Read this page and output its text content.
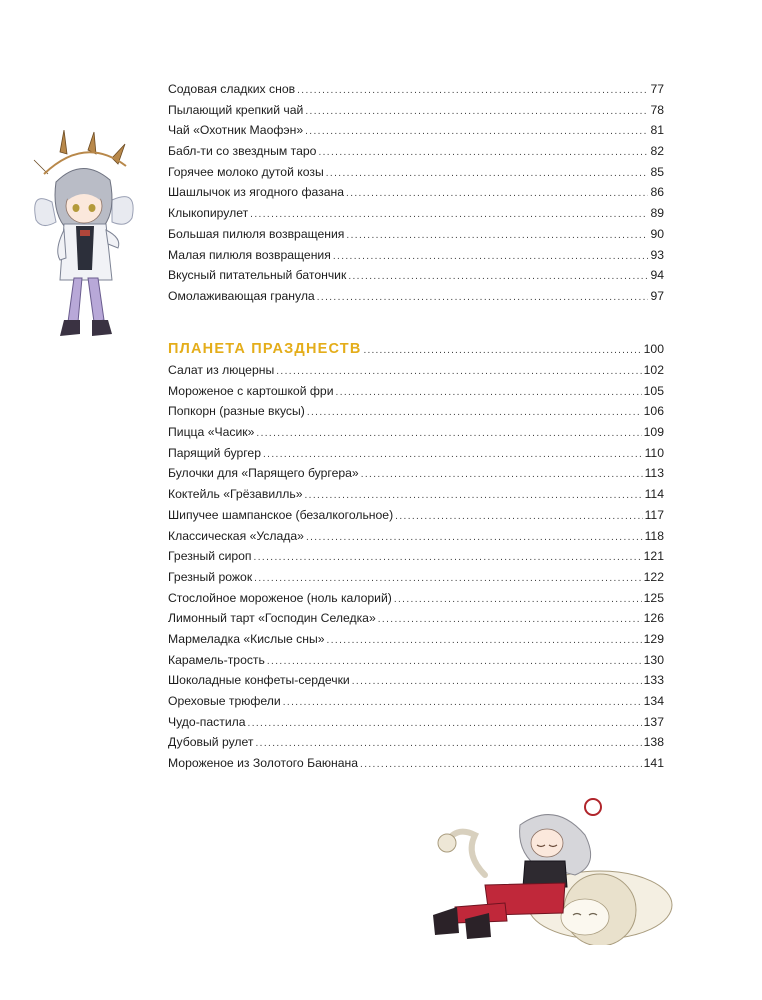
Содовая сладких снов .....	77
Пылающий крепкий чай .....	78
Чай «Охотник Маофэн» .....	81
Бабл-ти со звездным таро .....	82
Горячее молоко дутой козы .....	85
Шашлычок из ягодного фазана .....	86
Клыкопирулет .....	89
Большая пилюля возвращения .....	90
Малая пилюля возвращения .....	93
Вкусный питательный батончик .....	94
Омолаживающая гранула .....	97
ПЛАНЕТА ПРАЗДНЕСТВ .....	100
Салат из люцерны .....	102
Мороженое с картошкой фри .....	105
Попкорн (разные вкусы) .....	106
Пицца «Часик» .....	109
Парящий бургер .....	110
Булочки для «Парящего бургера» .....	113
Коктейль «Грёзавилль» .....	114
Шипучее шампанское (безалкогольное) .....	117
Классическая «Услада» .....	118
Грезный сироп .....	121
Грезный рожок .....	122
Стослойное мороженое (ноль калорий) .....	125
Лимонный тарт «Господин Селедка» .....	126
Мармеладка «Кислые сны» .....	129
Карамель-трость .....	130
Шоколадные конфеты-сердечки .....	133
Ореховые трюфели .....	134
Чудо-пастила .....	137
Дубовый рулет .....	138
Мороженое из Золотого Баюнана .....	141
